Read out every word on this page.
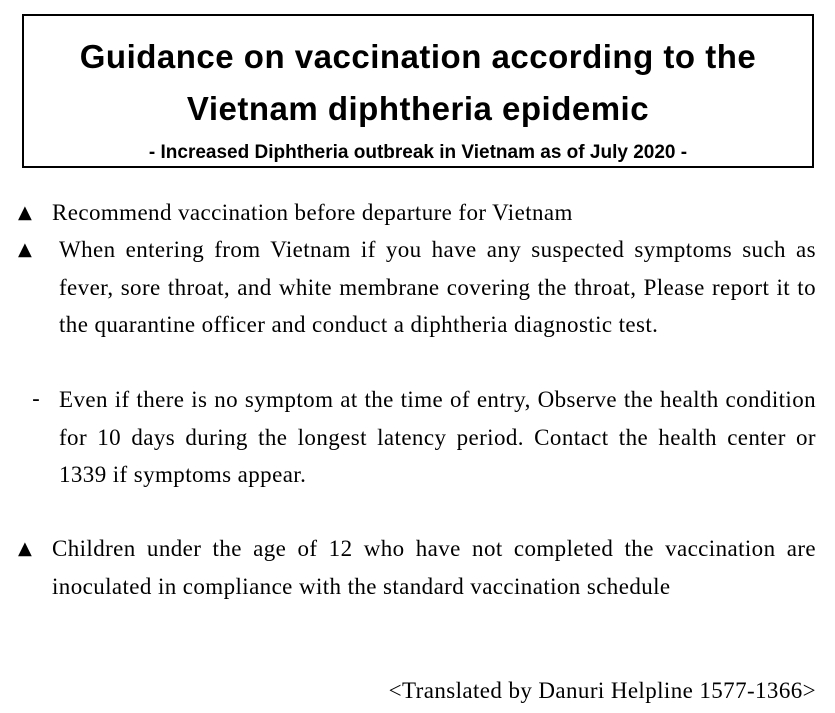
Guidance on vaccination according to the
Vietnam diphtheria epidemic
- Increased Diphtheria outbreak in Vietnam as of July 2020 -
▲ Recommend vaccination before departure for Vietnam
▲ When entering from Vietnam if you have any suspected symptoms such as fever, sore throat, and white membrane covering the throat, Please report it to the quarantine officer and conduct a diphtheria diagnostic test.
- Even if there is no symptom at the time of entry, Observe the health condition for 10 days during the longest latency period. Contact the health center or 1339 if symptoms appear.
▲ Children under the age of 12 who have not completed the vaccination are inoculated in compliance with the standard vaccination schedule
<Translated by Danuri Helpline 1577-1366>
